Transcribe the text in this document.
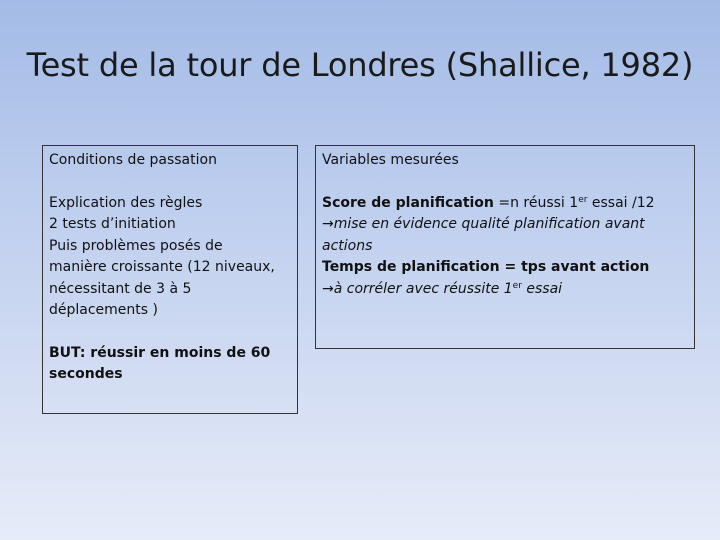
Test de la tour de Londres (Shallice, 1982)
Conditions de passation
Explication des règles
2 tests d’initiation
Puis problèmes posés de
manière croissante (12 niveaux,
nécessitant de 3 à 5
déplacements )
BUT: réussir en moins de 60
secondes
Variables mesurées
Score de planification =n réussi 1er essai /12
→mise en évidence qualité planification avant
actions
Temps de planification = tps avant action
→à corréler avec réussite 1er essai
